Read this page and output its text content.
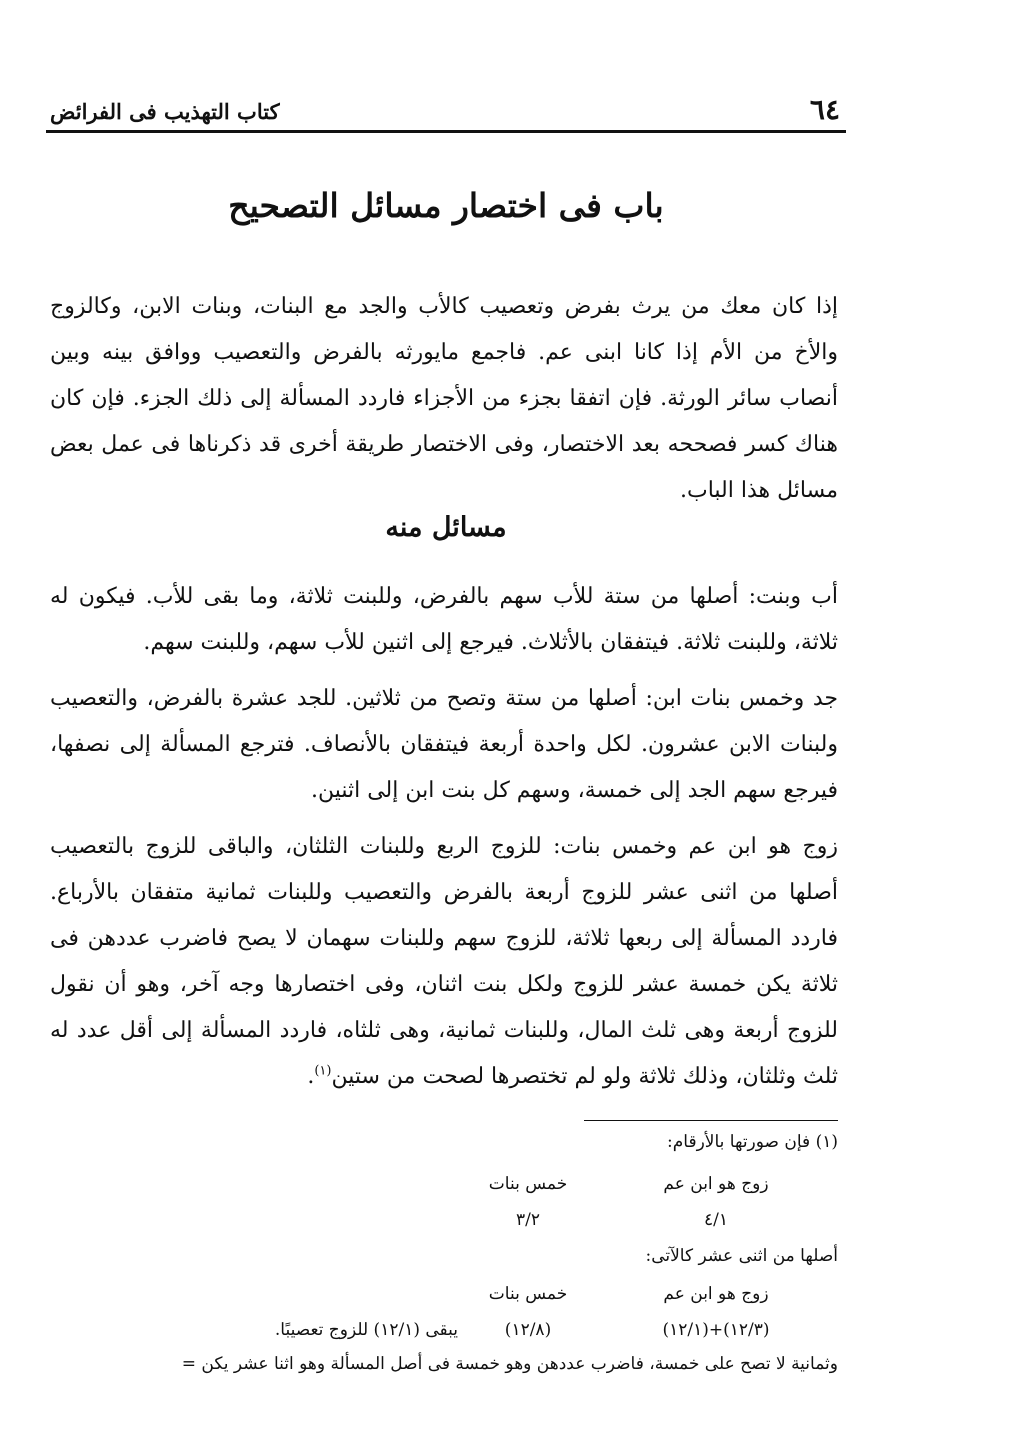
٦٤
كتاب التهذيب فى الفرائض
باب فى اختصار مسائل التصحيح

إذا كان معك من يرث بفرض وتعصيب كالأب والجد مع البنات، وبنات الابن، وكالزوج والأخ من الأم إذا كانا ابنى عم. فاجمع مايورثه بالفرض والتعصيب ووافق بينه وبين أنصاب سائر الورثة. فإن اتفقا بجزء من الأجزاء فاردد المسألة إلى ذلك الجزء. فإن كان هناك كسر فصححه بعد الاختصار، وفى الاختصار طريقة أخرى قد ذكرناها فى عمل بعض مسائل هذا الباب.

مسائل منه

أب وبنت: أصلها من ستة للأب سهم بالفرض، وللبنت ثلاثة، وما بقى للأب. فيكون له ثلاثة، وللبنت ثلاثة. فيتفقان بالأثلاث. فيرجع إلى اثنين للأب سهم، وللبنت سهم.

جد وخمس بنات ابن: أصلها من ستة وتصح من ثلاثين. للجد عشرة بالفرض، والتعصيب ولبنات الابن عشرون. لكل واحدة أربعة فيتفقان بالأنصاف. فترجع المسألة إلى نصفها، فيرجع سهم الجد إلى خمسة، وسهم كل بنت ابن إلى اثنين.

زوج هو ابن عم وخمس بنات: للزوج الربع وللبنات الثلثان، والباقى للزوج بالتعصيب أصلها من اثنى عشر للزوج أربعة بالفرض والتعصيب وللبنات ثمانية متفقان بالأرباع. فاردد المسألة إلى ربعها ثلاثة، للزوج سهم وللبنات سهمان لا يصح فاضرب عددهن فى ثلاثة يكن خمسة عشر للزوج ولكل بنت اثنان، وفى اختصارها وجه آخر، وهو أن نقول للزوج أربعة وهى ثلث المال، وللبنات ثمانية، وهى ثلثاه، فاردد المسألة إلى أقل عدد له ثلث وثلثان، وذلك ثلاثة ولو لم تختصرها لصحت من ستين$^{(١)}$.

(١) فإن صورتها بالأرقام:
زوج هو ابن عم
خمس بنات
٤/١
٣/٢
أصلها من اثنى عشر كالآتى:
زوج هو ابن عم
خمس بنات
(١٢/٣)+(١٢/١)
(١٢/٨)
يبقى (١٢/١) للزوج تعصيبًا.
وثمانية لا تصح على خمسة، فاضرب عددهن وهو خمسة فى أصل المسألة وهو اثنا عشر يكن =
